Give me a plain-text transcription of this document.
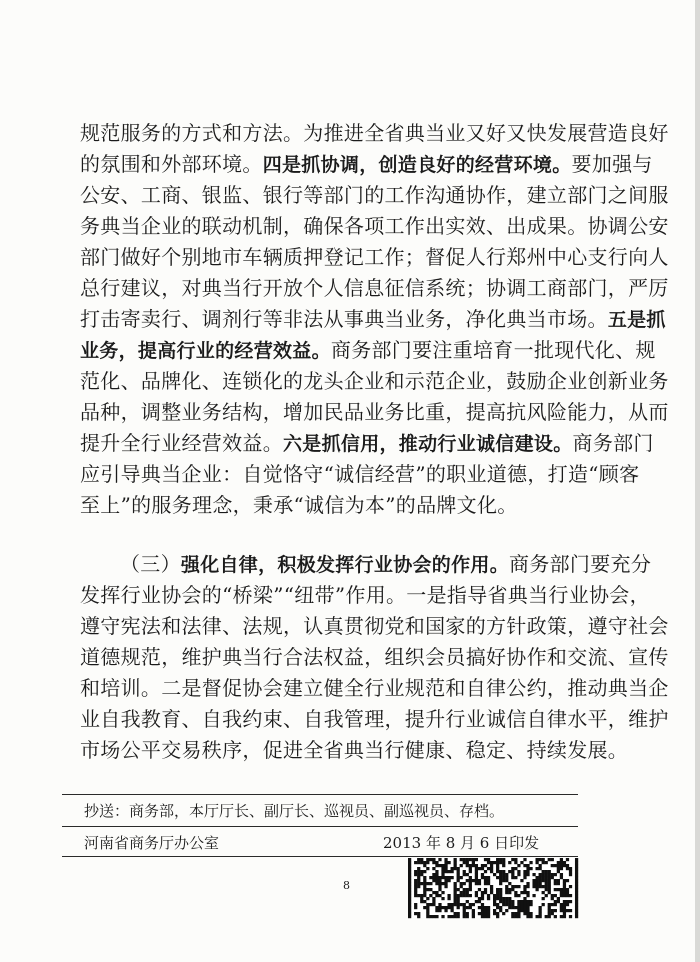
规范服务的方式和方法。为推进全省典当业又好又快发展营造良好
的氛围和外部环境。四是抓协调，创造良好的经营环境。要加强与
公安、工商、银监、银行等部门的工作沟通协作，建立部门之间服
务典当企业的联动机制，确保各项工作出实效、出成果。协调公安
部门做好个别地市车辆质押登记工作；督促人行郑州中心支行向人
总行建议，对典当行开放个人信息征信系统；协调工商部门，严厉
打击寄卖行、调剂行等非法从事典当业务，净化典当市场。五是抓
业务，提高行业的经营效益。商务部门要注重培育一批现代化、规
范化、品牌化、连锁化的龙头企业和示范企业，鼓励企业创新业务
品种，调整业务结构，增加民品业务比重，提高抗风险能力，从而
提升全行业经营效益。六是抓信用，推动行业诚信建设。商务部门
应引导典当企业：自觉恪守“诚信经营”的职业道德，打造“顾客
至上”的服务理念，秉承“诚信为本”的品牌文化。
（三）强化自律，积极发挥行业协会的作用。商务部门要充分
发挥行业协会的“桥梁”“纽带”作用。一是指导省典当行业协会，
遵守宪法和法律、法规，认真贯彻党和国家的方针政策，遵守社会
道德规范，维护典当行合法权益，组织会员搞好协作和交流、宣传
和培训。二是督促协会建立健全行业规范和自律公约，推动典当企
业自我教育、自我约束、自我管理，提升行业诚信自律水平，维护
市场公平交易秩序，促进全省典当行健康、稳定、持续发展。
抄送：商务部，本厅厅长、副厅长、巡视员、副巡视员、存档。
河南省商务厅办公室	2013 年 8 月 6 日印发
8
